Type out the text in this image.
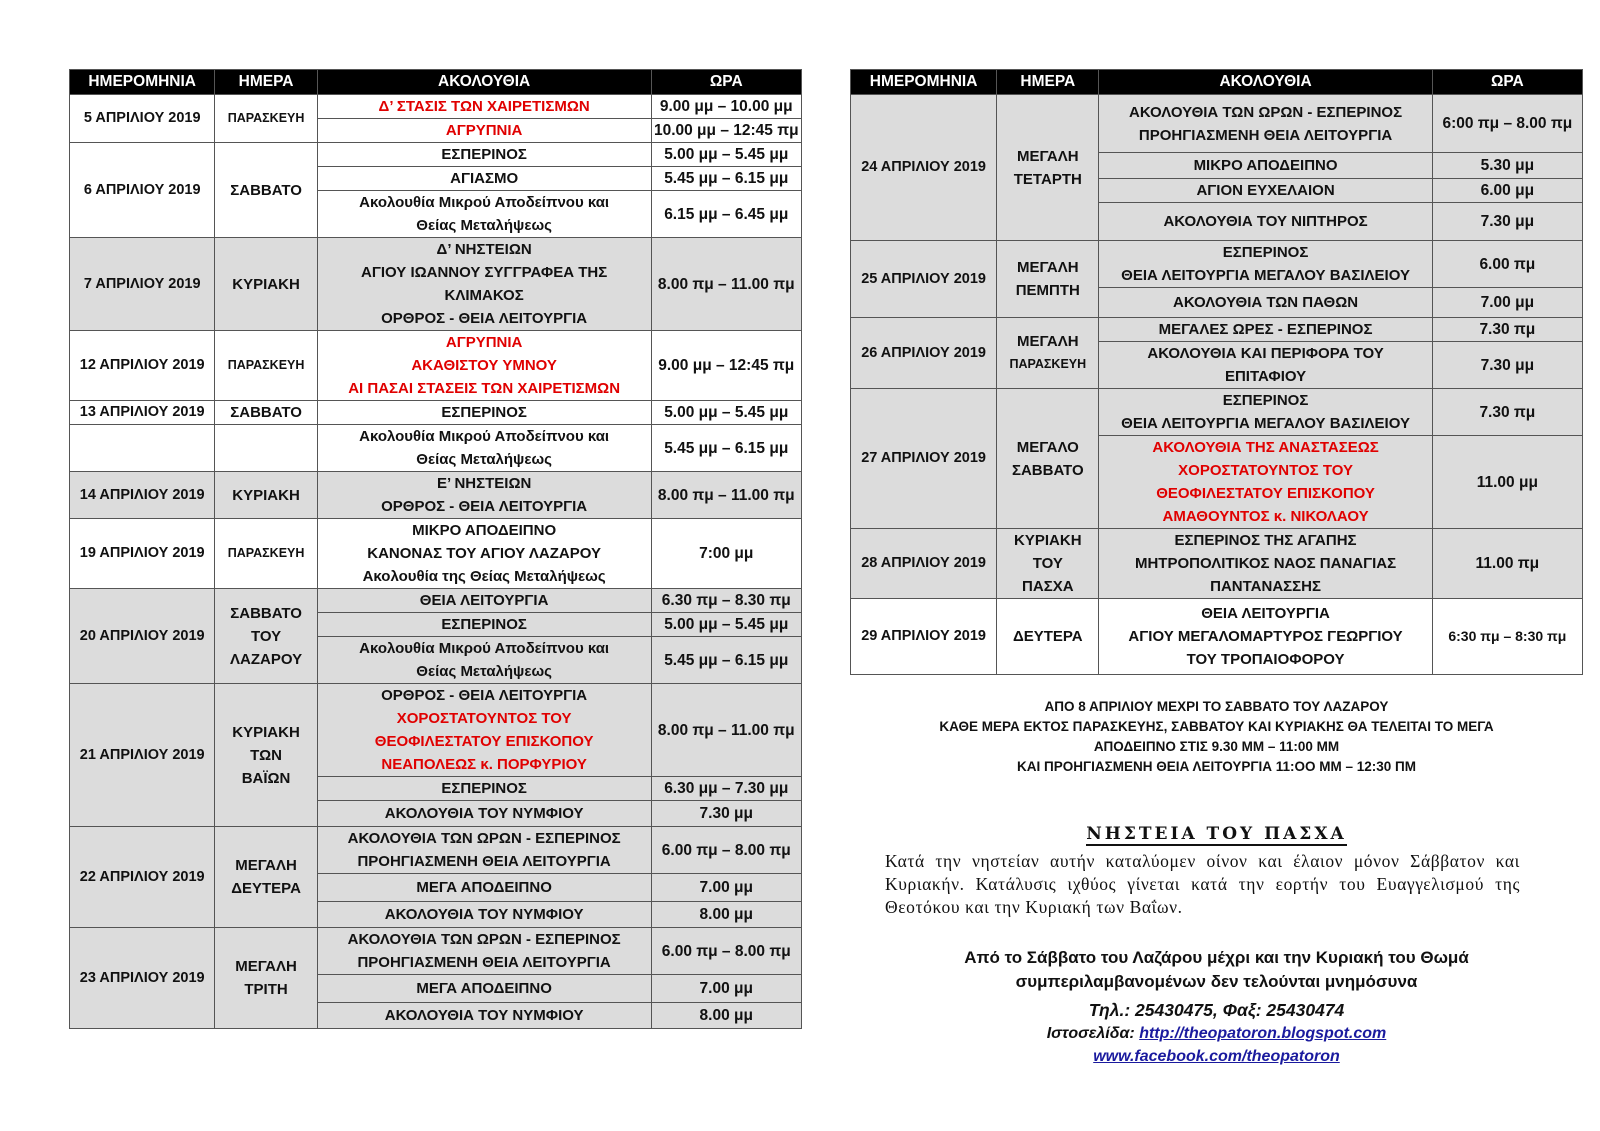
ΗΜΕΡΟΜΗΝΙΑ	ΗΜΕΡΑ	ΑΚΟΛΟΥΘΙΑ	ΩΡΑ
5 ΑΠΡΙΛΙΟΥ 2019	ΠΑΡΑΣΚΕΥΗ	Δ’ ΣΤΑΣΙΣ ΤΩΝ ΧΑΙΡΕΤΙΣΜΩΝ	9.00 μμ – 10.00 μμ

		ΑΓΡΥΠΝΙΑ	10.00 μμ – 12:45 πμ
6 ΑΠΡΙΛΙΟΥ 2019	ΣΑΒΒΑΤΟ	ΕΣΠΕΡΙΝΟΣ	5.00 μμ – 5.45 μμ

		ΑΓΙΑΣΜΟ	5.45 μμ – 6.15 μμ

		Ακολουθία Μικρού Αποδείπνου και
Θείας Μεταλήψεως	6.15 μμ – 6.45 μμ
7 ΑΠΡΙΛΙΟΥ 2019	ΚΥΡΙΑΚΗ	Δ’ ΝΗΣΤΕΙΩΝ
ΑΓΙΟΥ ΙΩΑΝΝΟΥ ΣΥΓΓΡΑΦΕΑ ΤΗΣ
ΚΛΙΜΑΚΟΣ
ΟΡΘΡΟΣ - ΘΕΙΑ ΛΕΙΤΟΥΡΓΙΑ	8.00 πμ – 11.00 πμ
12 ΑΠΡΙΛΙΟΥ 2019	ΠΑΡΑΣΚΕΥΗ	ΑΓΡΥΠΝΙΑ
ΑΚΑΘΙΣΤΟΥ ΥΜΝΟΥ
ΑΙ ΠΑΣΑΙ ΣΤΑΣΕΙΣ ΤΩΝ ΧΑΙΡΕΤΙΣΜΩΝ	9.00 μμ – 12:45 πμ
13 ΑΠΡΙΛΙΟΥ 2019	ΣΑΒΒΑΤΟ	ΕΣΠΕΡΙΝΟΣ	5.00 μμ – 5.45 μμ

		Ακολουθία Μικρού Αποδείπνου και
Θείας Μεταλήψεως	5.45 μμ – 6.15 μμ
14 ΑΠΡΙΛΙΟΥ 2019	ΚΥΡΙΑΚΗ	Ε’ ΝΗΣΤΕΙΩΝ
ΟΡΘΡΟΣ - ΘΕΙΑ ΛΕΙΤΟΥΡΓΙΑ	8.00 πμ – 11.00 πμ
19 ΑΠΡΙΛΙΟΥ 2019	ΠΑΡΑΣΚΕΥΗ	ΜΙΚΡΟ ΑΠΟΔΕΙΠΝΟ
ΚΑΝΟΝΑΣ ΤΟΥ ΑΓΙΟΥ ΛΑΖΑΡΟΥ
Ακολουθία της Θείας Μεταλήψεως	7:00 μμ
20 ΑΠΡΙΛΙΟΥ 2019	ΣΑΒΒΑΤΟ
ΤΟΥ
ΛΑΖΑΡΟΥ	ΘΕΙΑ ΛΕΙΤΟΥΡΓΙΑ	6.30 πμ – 8.30 πμ

		ΕΣΠΕΡΙΝΟΣ	5.00 μμ – 5.45 μμ

		Ακολουθία Μικρού Αποδείπνου και
Θείας Μεταλήψεως	5.45 μμ – 6.15 μμ
21 ΑΠΡΙΛΙΟΥ 2019	ΚΥΡΙΑΚΗ
ΤΩΝ
ΒΑΪΩΝ	ΟΡΘΡΟΣ - ΘΕΙΑ ΛΕΙΤΟΥΡΓΙΑ
ΧΟΡΟΣΤΑΤΟΥΝΤΟΣ ΤΟΥ
ΘΕΟΦΙΛΕΣΤΑΤΟΥ ΕΠΙΣΚΟΠΟΥ
ΝΕΑΠΟΛΕΩΣ κ. ΠΟΡΦΥΡΙΟΥ	8.00 πμ – 11.00 πμ

		ΕΣΠΕΡΙΝΟΣ	6.30 μμ – 7.30 μμ

		ΑΚΟΛΟΥΘΙΑ ΤΟΥ ΝΥΜΦΙΟΥ	7.30 μμ
22 ΑΠΡΙΛΙΟΥ 2019	ΜΕΓΑΛΗ
ΔΕΥΤΕΡΑ	ΑΚΟΛΟΥΘΙΑ ΤΩΝ ΩΡΩΝ - ΕΣΠΕΡΙΝΟΣ
ΠΡΟΗΓΙΑΣΜΕΝΗ ΘΕΙΑ ΛΕΙΤΟΥΡΓΙΑ	6.00 πμ – 8.00 πμ

		ΜΕΓΑ ΑΠΟΔΕΙΠΝΟ	7.00 μμ

		ΑΚΟΛΟΥΘΙΑ ΤΟΥ ΝΥΜΦΙΟΥ	8.00 μμ
23 ΑΠΡΙΛΙΟΥ 2019	ΜΕΓΑΛΗ
ΤΡΙΤΗ	ΑΚΟΛΟΥΘΙΑ ΤΩΝ ΩΡΩΝ - ΕΣΠΕΡΙΝΟΣ
ΠΡΟΗΓΙΑΣΜΕΝΗ ΘΕΙΑ ΛΕΙΤΟΥΡΓΙΑ	6.00 πμ – 8.00 πμ

		ΜΕΓΑ ΑΠΟΔΕΙΠΝΟ	7.00 μμ

		ΑΚΟΛΟΥΘΙΑ ΤΟΥ ΝΥΜΦΙΟΥ	8.00 μμ
ΗΜΕΡΟΜΗΝΙΑ	ΗΜΕΡΑ	ΑΚΟΛΟΥΘΙΑ	ΩΡΑ
24 ΑΠΡΙΛΙΟΥ 2019	ΜΕΓΑΛΗ
ΤΕΤΑΡΤΗ	ΑΚΟΛΟΥΘΙΑ ΤΩΝ ΩΡΩΝ - ΕΣΠΕΡΙΝΟΣ
ΠΡΟΗΓΙΑΣΜΕΝΗ ΘΕΙΑ ΛΕΙΤΟΥΡΓΙΑ	6:00 πμ – 8.00 πμ

		ΜΙΚΡΟ ΑΠΟΔΕΙΠΝΟ	5.30 μμ

		ΑΓΙΟΝ ΕΥΧΕΛΑΙΟΝ	6.00 μμ

		ΑΚΟΛΟΥΘΙΑ ΤΟΥ ΝΙΠΤΗΡΟΣ	7.30 μμ
25 ΑΠΡΙΛΙΟΥ 2019	ΜΕΓΑΛΗ
ΠΕΜΠΤΗ	ΕΣΠΕΡΙΝΟΣ
ΘΕΙΑ ΛΕΙΤΟΥΡΓΙΑ ΜΕΓΑΛΟΥ ΒΑΣΙΛΕΙΟΥ	6.00 πμ

		ΑΚΟΛΟΥΘΙΑ ΤΩΝ ΠΑΘΩΝ	7.00 μμ
26 ΑΠΡΙΛΙΟΥ 2019	ΜΕΓΑΛΗ
ΠΑΡΑΣΚΕΥΗ	ΜΕΓΑΛΕΣ ΩΡΕΣ - ΕΣΠΕΡΙΝΟΣ	7.30 πμ

		ΑΚΟΛΟΥΘΙΑ ΚΑΙ ΠΕΡΙΦΟΡΑ ΤΟΥ
ΕΠΙΤΑΦΙΟΥ	7.30 μμ
27 ΑΠΡΙΛΙΟΥ 2019	ΜΕΓΑΛΟ
ΣΑΒΒΑΤΟ	ΕΣΠΕΡΙΝΟΣ
ΘΕΙΑ ΛΕΙΤΟΥΡΓΙΑ ΜΕΓΑΛΟΥ ΒΑΣΙΛΕΙΟΥ	7.30 πμ

		ΑΚΟΛΟΥΘΙΑ ΤΗΣ ΑΝΑΣΤΑΣΕΩΣ
ΧΟΡΟΣΤΑΤΟΥΝΤΟΣ ΤΟΥ
ΘΕΟΦΙΛΕΣΤΑΤΟΥ ΕΠΙΣΚΟΠΟΥ
ΑΜΑΘΟΥΝΤΟΣ κ. ΝΙΚΟΛΑΟΥ	11.00 μμ
28 ΑΠΡΙΛΙΟΥ 2019	ΚΥΡΙΑΚΗ
ΤΟΥ
ΠΑΣΧΑ	ΕΣΠΕΡΙΝΟΣ ΤΗΣ ΑΓΑΠΗΣ
ΜΗΤΡΟΠΟΛΙΤΙΚΟΣ ΝΑΟΣ ΠΑΝΑΓΙΑΣ
ΠΑΝΤΑΝΑΣΣΗΣ	11.00 πμ
29 ΑΠΡΙΛΙΟΥ 2019	ΔΕΥΤΕΡΑ	ΘΕΙΑ ΛΕΙΤΟΥΡΓΙΑ
ΑΓΙΟΥ ΜΕΓΑΛΟΜΑΡΤΥΡΟΣ ΓΕΩΡΓΙΟΥ
ΤΟΥ ΤΡΟΠΑΙΟΦΟΡΟΥ	6:30 πμ – 8:30 πμ
ΑΠΟ 8 ΑΠΡΙΛΙΟΥ ΜΕΧΡΙ ΤΟ ΣΑΒΒΑΤΟ ΤΟΥ ΛΑΖΑΡΟΥ
ΚΑΘΕ ΜΕΡΑ ΕΚΤΟΣ ΠΑΡΑΣΚΕΥΗΣ, ΣΑΒΒΑΤΟΥ ΚΑΙ ΚΥΡΙΑΚΗΣ ΘΑ ΤΕΛΕΙΤΑΙ ΤΟ ΜΕΓΑ
ΑΠΟΔΕΙΠΝΟ ΣΤΙΣ 9.30 ΜΜ – 11:00 ΜΜ
ΚΑΙ ΠΡΟΗΓΙΑΣΜΕΝΗ ΘΕΙΑ ΛΕΙΤΟΥΡΓΙΑ 11:ΟΟ ΜΜ – 12:30 ΠΜ
ΝΗΣΤΕΙΑ ΤΟΥ ΠΑΣΧΑ
Κατά την νηστείαν αυτήν καταλύομεν οίνον και έλαιον μόνον Σάββατον και Κυριακήν. Κατάλυσις ιχθύος γίνεται κατά την εορτήν του Ευαγγελισμού της Θεοτόκου και την Κυριακή των Βαΐων.
Από το Σάββατο του Λαζάρου μέχρι και την Κυριακή του Θωμά
συμπεριλαμβανομένων δεν τελούνται μνημόσυνα
Τηλ.: 25430475, Φαξ: 25430474
Ιστοσελίδα: http://theopatoron.blogspot.com
www.facebook.com/theopatoron
